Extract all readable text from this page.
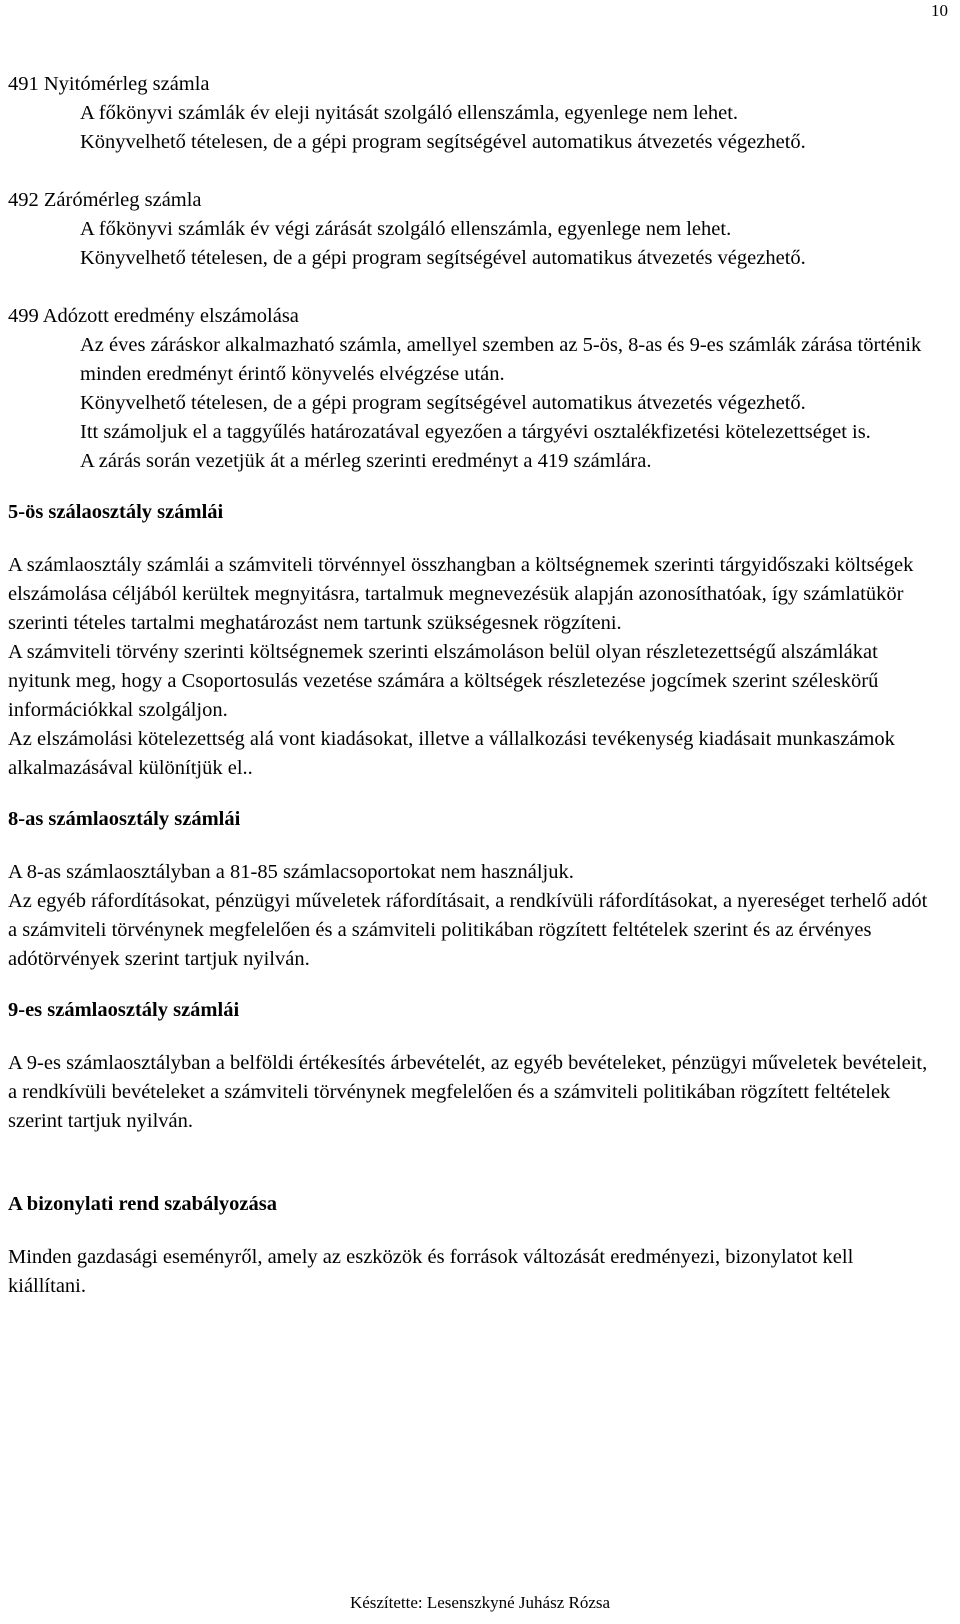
10
491 Nyitómérleg számla

A főkönyvi számlák év eleji nyitását szolgáló ellenszámla, egyenlege nem lehet.

Könyvelhető tételesen, de a gépi program segítségével automatikus átvezetés végezhető.

492 Zárómérleg számla

A főkönyvi számlák év végi zárását szolgáló ellenszámla, egyenlege nem lehet.

Könyvelhető tételesen, de a gépi program segítségével automatikus átvezetés végezhető.

499 Adózott eredmény elszámolása

Az éves záráskor alkalmazható számla, amellyel szemben az 5-ös, 8-as és 9-es számlák zárása történik minden eredményt érintő könyvelés elvégzése után.

Könyvelhető tételesen, de a gépi program segítségével automatikus átvezetés végezhető.

Itt számoljuk el a taggyűlés határozatával egyezően a tárgyévi osztalékfizetési kötelezettséget is.

A zárás során vezetjük át a mérleg szerinti eredményt a 419 számlára.

5-ös szálaosztály számlái

A számlaosztály számlái a számviteli törvénnyel összhangban a költségnemek szerinti tárgyidőszaki költségek elszámolása céljából kerültek megnyitásra, tartalmuk megnevezésük alapján azonosíthatóak, így számlatükör szerinti tételes tartalmi meghatározást nem tartunk szükségesnek rögzíteni.

A számviteli törvény szerinti költségnemek szerinti elszámoláson belül olyan részletezettségű alszámlákat nyitunk meg, hogy a Csoportosulás vezetése számára a költségek részletezése jogcímek szerint széleskörű információkkal szolgáljon.

Az elszámolási kötelezettség alá vont kiadásokat, illetve a vállalkozási tevékenység kiadásait munkaszámok alkalmazásával különítjük el..

8-as számlaosztály számlái

A 8-as számlaosztályban a 81-85 számlacsoportokat nem használjuk.

Az egyéb ráfordításokat, pénzügyi műveletek ráfordításait, a rendkívüli ráfordításokat, a nyereséget terhelő adót a számviteli törvénynek megfelelően és a számviteli politikában rögzített feltételek szerint és az érvényes adótörvények szerint tartjuk nyilván.

9-es számlaosztály számlái

A 9-es számlaosztályban a belföldi értékesítés árbevételét, az egyéb bevételeket, pénzügyi műveletek bevételeit, a rendkívüli bevételeket a számviteli törvénynek megfelelően és a számviteli politikában rögzített feltételek szerint tartjuk nyilván.

A bizonylati rend szabályozása

Minden gazdasági eseményről, amely az eszközök és források változását eredményezi, bizonylatot kell kiállítani.

Készítette: Lesenszkyné Juhász Rózsa
